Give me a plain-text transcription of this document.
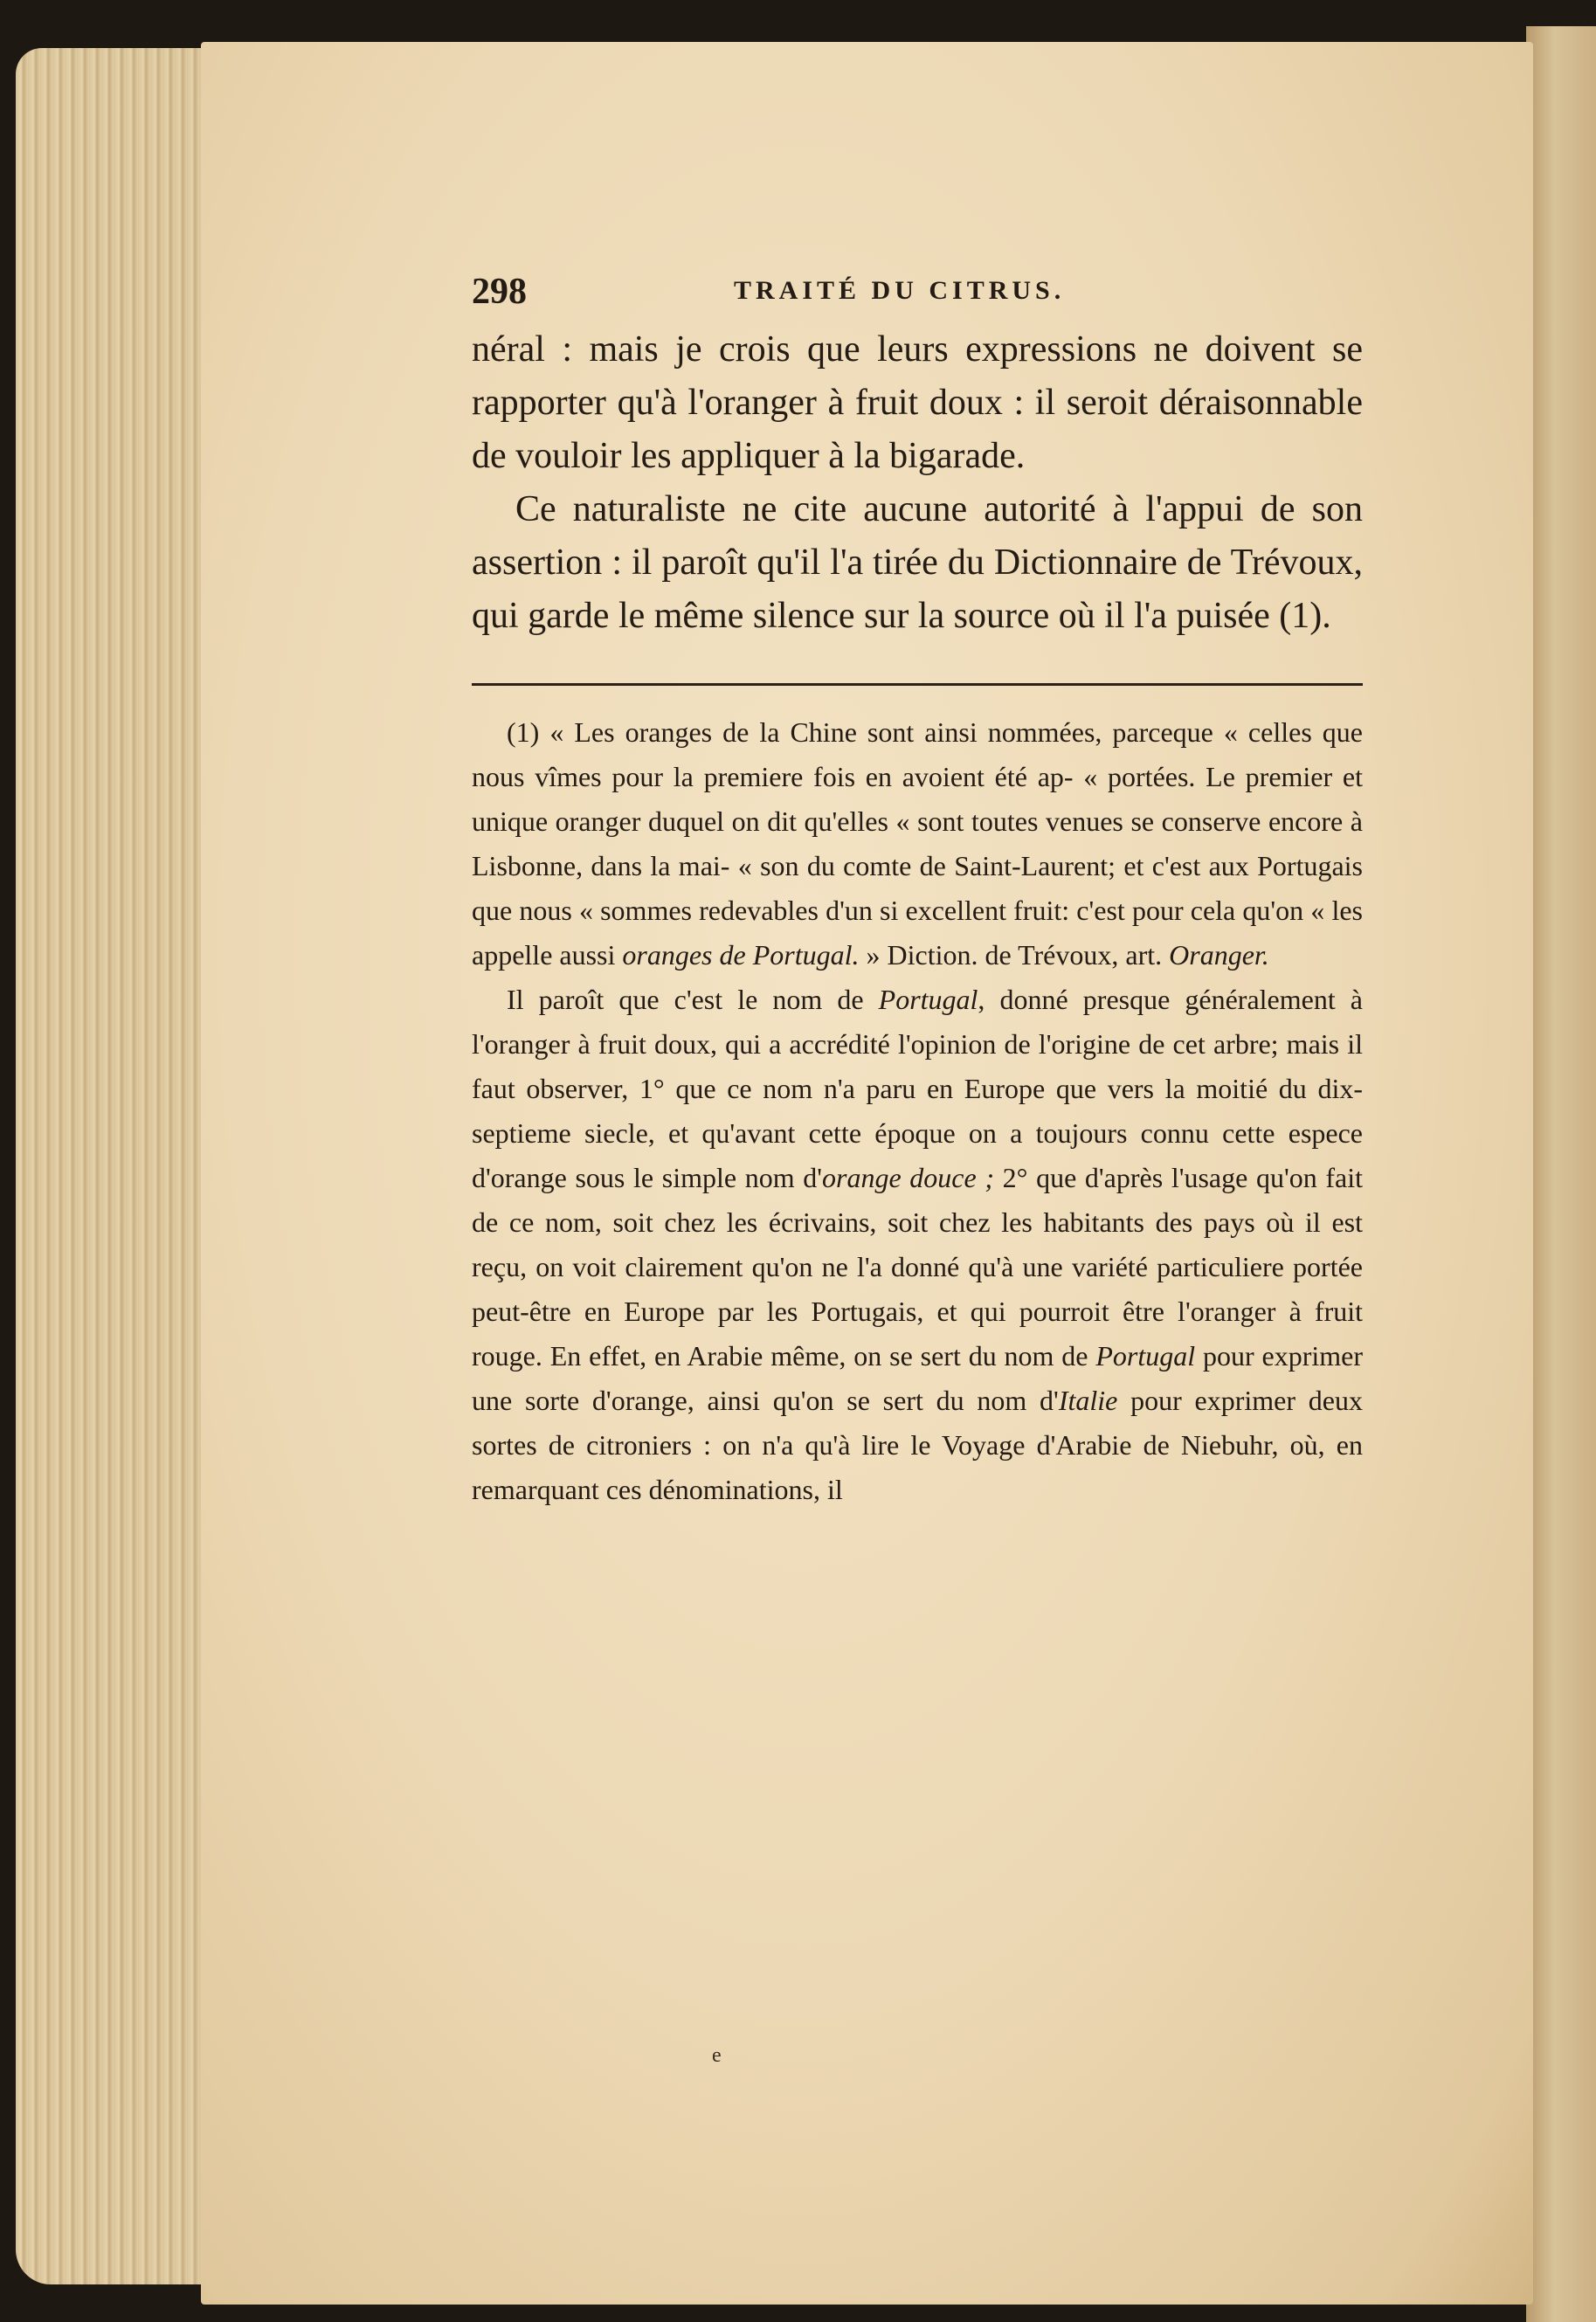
298	TRAITÉ DU CITRUS.

néral : mais je crois que leurs expressions ne doivent se rapporter qu'à l'oranger à fruit doux : il seroit déraisonnable de vouloir les appliquer à la bigarade.

Ce naturaliste ne cite aucune autorité à l'appui de son assertion : il paroît qu'il l'a tirée du Dictionnaire de Trévoux, qui garde le même silence sur la source où il l'a puisée (1).

(1) « Les oranges de la Chine sont ainsi nommées, parceque « celles que nous vîmes pour la premiere fois en avoient été ap- « portées. Le premier et unique oranger duquel on dit qu'elles « sont toutes venues se conserve encore à Lisbonne, dans la mai- « son du comte de Saint-Laurent; et c'est aux Portugais que nous « sommes redevables d'un si excellent fruit: c'est pour cela qu'on « les appelle aussi oranges de Portugal. » Diction. de Trévoux, art. Oranger.

Il paroît que c'est le nom de Portugal, donné presque généralement à l'oranger à fruit doux, qui a accrédité l'opinion de l'origine de cet arbre; mais il faut observer, 1° que ce nom n'a paru en Europe que vers la moitié du dix-septieme siecle, et qu'avant cette époque on a toujours connu cette espece d'orange sous le simple nom d'orange douce ; 2° que d'après l'usage qu'on fait de ce nom, soit chez les écrivains, soit chez les habitants des pays où il est reçu, on voit clairement qu'on ne l'a donné qu'à une variété particuliere portée peut-être en Europe par les Portugais, et qui pourroit être l'oranger à fruit rouge. En effet, en Arabie même, on se sert du nom de Portugal pour exprimer une sorte d'orange, ainsi qu'on se sert du nom d'Italie pour exprimer deux sortes de citroniers : on n'a qu'à lire le Voyage d'Arabie de Niebuhr, où, en remarquant ces dénominations, il

e
